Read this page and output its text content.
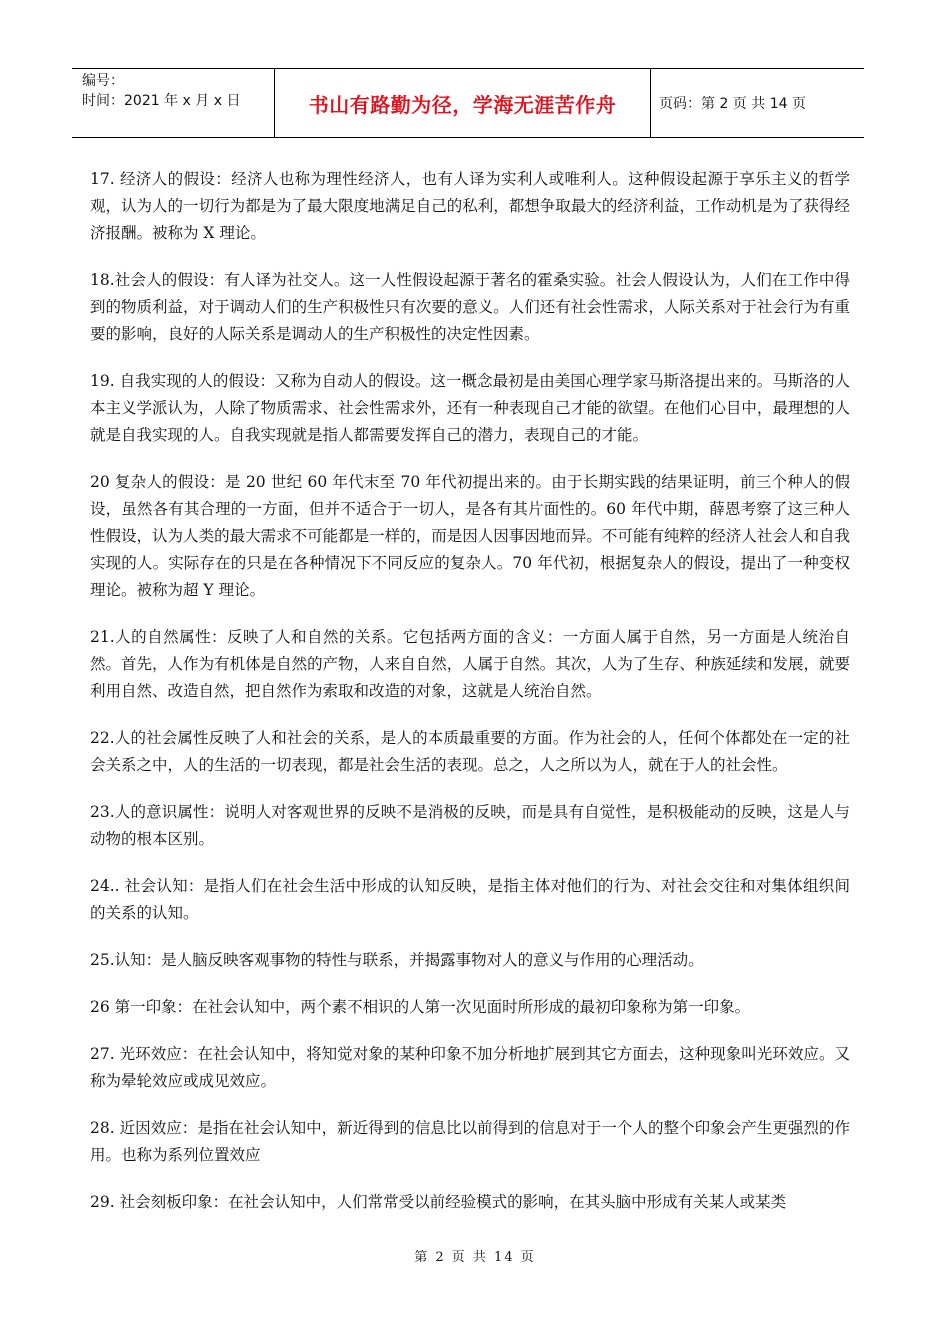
编号：
时间：2021 年 x 月 x 日	书山有路勤为径，学海无涯苦作舟	页码：第 2 页 共 14 页

17. 经济人的假设：经济人也称为理性经济人，也有人译为实利人或唯利人。这种假设起源于享乐主义的哲学观，认为人的一切行为都是为了最大限度地满足自己的私利，都想争取最大的经济利益，工作动机是为了获得经济报酬。被称为 X 理论。

18.社会人的假设：有人译为社交人。这一人性假设起源于著名的霍桑实验。社会人假设认为，人们在工作中得到的物质利益，对于调动人们的生产积极性只有次要的意义。人们还有社会性需求，人际关系对于社会行为有重要的影响，良好的人际关系是调动人的生产积极性的决定性因素。

19. 自我实现的人的假设：又称为自动人的假设。这一概念最初是由美国心理学家马斯洛提出来的。马斯洛的人本主义学派认为，人除了物质需求、社会性需求外，还有一种表现自己才能的欲望。在他们心目中，最理想的人就是自我实现的人。自我实现就是指人都需要发挥自己的潜力，表现自己的才能。

20 复杂人的假设：是 20 世纪 60 年代末至 70 年代初提出来的。由于长期实践的结果证明，前三个种人的假设，虽然各有其合理的一方面，但并不适合于一切人，是各有其片面性的。60 年代中期，薛恩考察了这三种人性假设，认为人类的最大需求不可能都是一样的，而是因人因事因地而异。不可能有纯粹的经济人社会人和自我实现的人。实际存在的只是在各种情况下不同反应的复杂人。70 年代初，根据复杂人的假设，提出了一种变权理论。被称为超 Y 理论。

21.人的自然属性：反映了人和自然的关系。它包括两方面的含义：一方面人属于自然，另一方面是人统治自然。首先，人作为有机体是自然的产物，人来自自然，人属于自然。其次，人为了生存、种族延续和发展，就要利用自然、改造自然，把自然作为索取和改造的对象，这就是人统治自然。

22.人的社会属性反映了人和社会的关系，是人的本质最重要的方面。作为社会的人，任何个体都处在一定的社会关系之中，人的生活的一切表现，都是社会生活的表现。总之，人之所以为人，就在于人的社会性。

23.人的意识属性：说明人对客观世界的反映不是消极的反映，而是具有自觉性，是积极能动的反映，这是人与动物的根本区别。

24.. 社会认知：是指人们在社会生活中形成的认知反映，是指主体对他们的行为、对社会交往和对集体组织间的关系的认知。

25.认知：是人脑反映客观事物的特性与联系，并揭露事物对人的意义与作用的心理活动。

26 第一印象：在社会认知中，两个素不相识的人第一次见面时所形成的最初印象称为第一印象。

27. 光环效应：在社会认知中，将知觉对象的某种印象不加分析地扩展到其它方面去，这种现象叫光环效应。又称为晕轮效应或成见效应。

28. 近因效应：是指在社会认知中，新近得到的信息比以前得到的信息对于一个人的整个印象会产生更强烈的作用。也称为系列位置效应

29. 社会刻板印象：在社会认知中，人们常常受以前经验模式的影响，在其头脑中形成有关某人或某类

第 2 页 共 14 页
